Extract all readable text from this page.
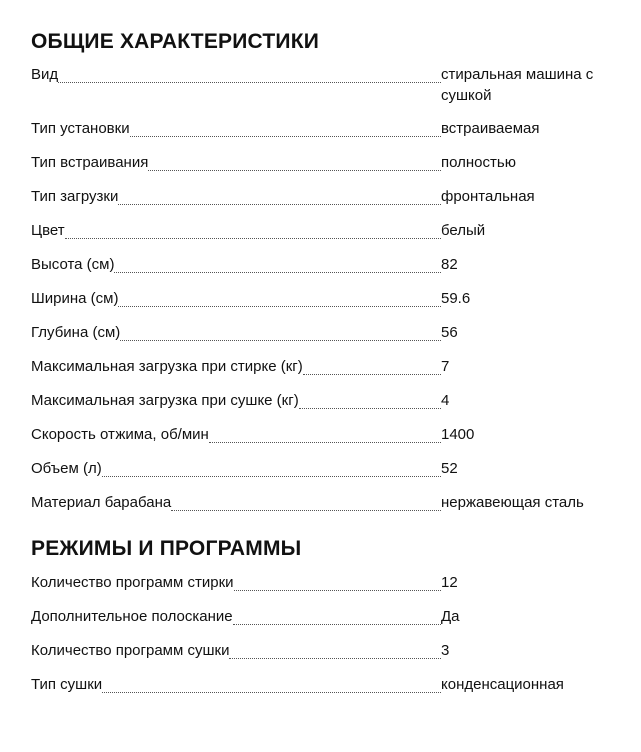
ОБЩИЕ ХАРАКТЕРИСТИКИ
Вид	стиральная машина с сушкой
Тип установки	встраиваемая
Тип встраивания	полностью
Тип загрузки	фронтальная
Цвет	белый
Высота (см)	82
Ширина (см)	59.6
Глубина (см)	56
Максимальная загрузка при стирке (кг)	7
Максимальная загрузка при сушке (кг)	4
Скорость отжима, об/мин	1400
Объем (л)	52
Материал барабана	нержавеющая сталь
РЕЖИМЫ И ПРОГРАММЫ
Количество программ стирки	12
Дополнительное полоскание	Да
Количество программ сушки	3
Тип сушки	конденсационная
